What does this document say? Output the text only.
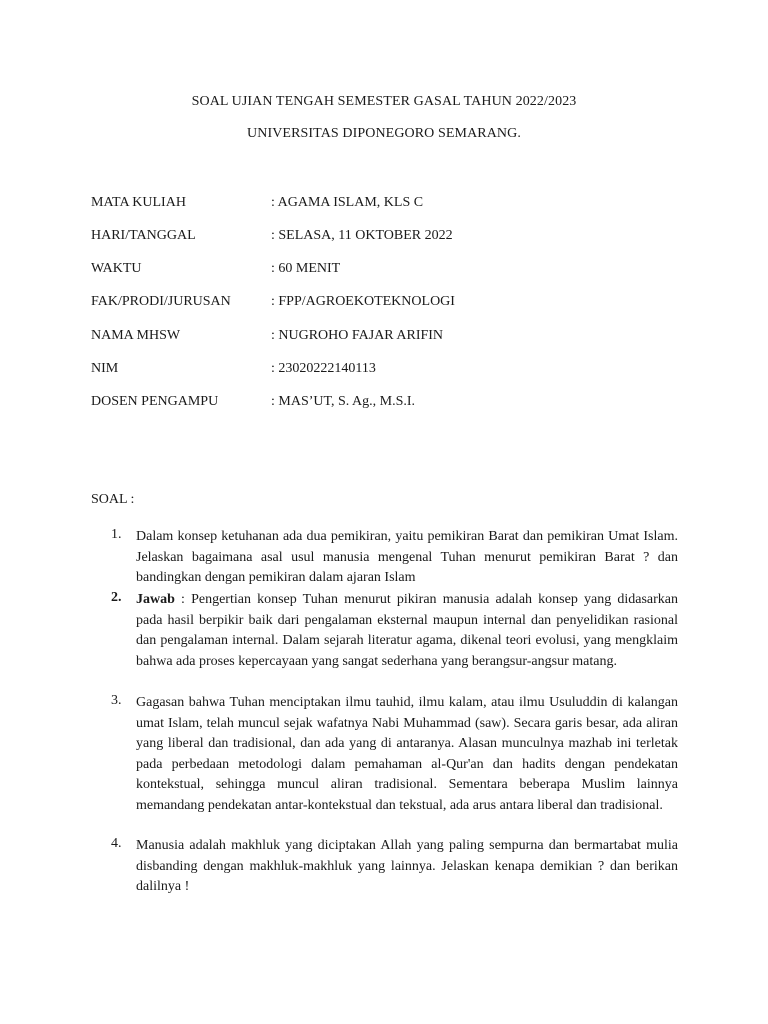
SOAL UJIAN TENGAH SEMESTER GASAL TAHUN 2022/2023
UNIVERSITAS DIPONEGORO SEMARANG.
MATA KULIAH	: AGAMA ISLAM, KLS C
HARI/TANGGAL	: SELASA, 11 OKTOBER 2022
WAKTU	: 60 MENIT
FAK/PRODI/JURUSAN	: FPP/AGROEKOTEKNOLOGI
NAMA MHSW	: NUGROHO FAJAR ARIFIN
NIM	: 23020222140113
DOSEN PENGAMPU	: MAS’UT, S. Ag., M.S.I.
SOAL :
1. Dalam konsep ketuhanan ada dua pemikiran, yaitu pemikiran Barat dan pemikiran Umat Islam. Jelaskan bagaimana asal usul manusia mengenal Tuhan menurut pemikiran Barat ? dan bandingkan dengan pemikiran dalam ajaran Islam
2. Jawab : Pengertian konsep Tuhan menurut pikiran manusia adalah konsep yang didasarkan pada hasil berpikir baik dari pengalaman eksternal maupun internal dan penyelidikan rasional dan pengalaman internal. Dalam sejarah literatur agama, dikenal teori evolusi, yang mengklaim bahwa ada proses kepercayaan yang sangat sederhana yang berangsur-angsur matang.
3. Gagasan bahwa Tuhan menciptakan ilmu tauhid, ilmu kalam, atau ilmu Usuluddin di kalangan umat Islam, telah muncul sejak wafatnya Nabi Muhammad (saw). Secara garis besar, ada aliran yang liberal dan tradisional, dan ada yang di antaranya. Alasan munculnya mazhab ini terletak pada perbedaan metodologi dalam pemahaman al-Qur'an dan hadits dengan pendekatan kontekstual, sehingga muncul aliran tradisional. Sementara beberapa Muslim lainnya memandang pendekatan antar-kontekstual dan tekstual, ada arus antara liberal dan tradisional.
4. Manusia adalah makhluk yang diciptakan Allah yang paling sempurna dan bermartabat mulia disbanding dengan makhluk-makhluk yang lainnya. Jelaskan kenapa demikian ? dan berikan dalilnya !
